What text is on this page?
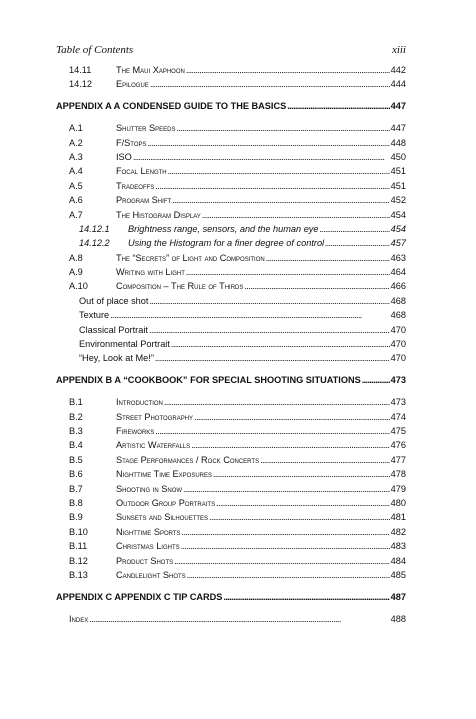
Table of Contents	xiii
14.11	The Maui Xaphoon . . .	442
14.12	Epilogue . . .	444
APPENDIX A A CONDENSED GUIDE TO THE BASICS . . .	447
A.1	Shutter Speeds . . .	447
A.2	F/Stops . . .	448
A.3	ISO . . .	450
A.4	Focal Length . . .	451
A.5	Tradeoffs . . .	451
A.6	Program Shift . . .	452
A.7	The Histogram Display . . .	454
14.12.1 Brightness range, sensors, and the human eye . . .	454
14.12.2 Using the Histogram for a finer degree of control . . .	457
A.8	The “Secrets” of Light and Composition . . .	463
A.9	Writing with Light . . .	464
A.10	Composition – The Rule of Thirds . . .	466
Out of place shot . . .	468
Texture . . .	468
Classical Portrait . . .	470
Environmental Portrait . . .	470
“Hey, Look at Me!” . . .	470
APPENDIX B A “COOKBOOK” FOR SPECIAL SHOOTING SITUATIONS . . .	473
B.1	Introduction . . .	473
B.2	Street Photography . . .	474
B.3	Fireworks . . .	475
B.4	Artistic Waterfalls . . .	476
B.5	Stage Performances / Rock Concerts . . .	477
B.6	Nighttime Time Exposures . . .	478
B.7	Shooting in Snow . . .	479
B.8	Outdoor Group Portraits . . .	480
B.9	Sunsets and Silhouettes . . .	481
B.10	Nighttime Sports . . .	482
B.11	Christmas Lights . . .	483
B.12	Product Shots . . .	484
B.13	Candlelight Shots . . .	485
APPENDIX C APPENDIX C TIP CARDS . . .	487
Index . . .	488
